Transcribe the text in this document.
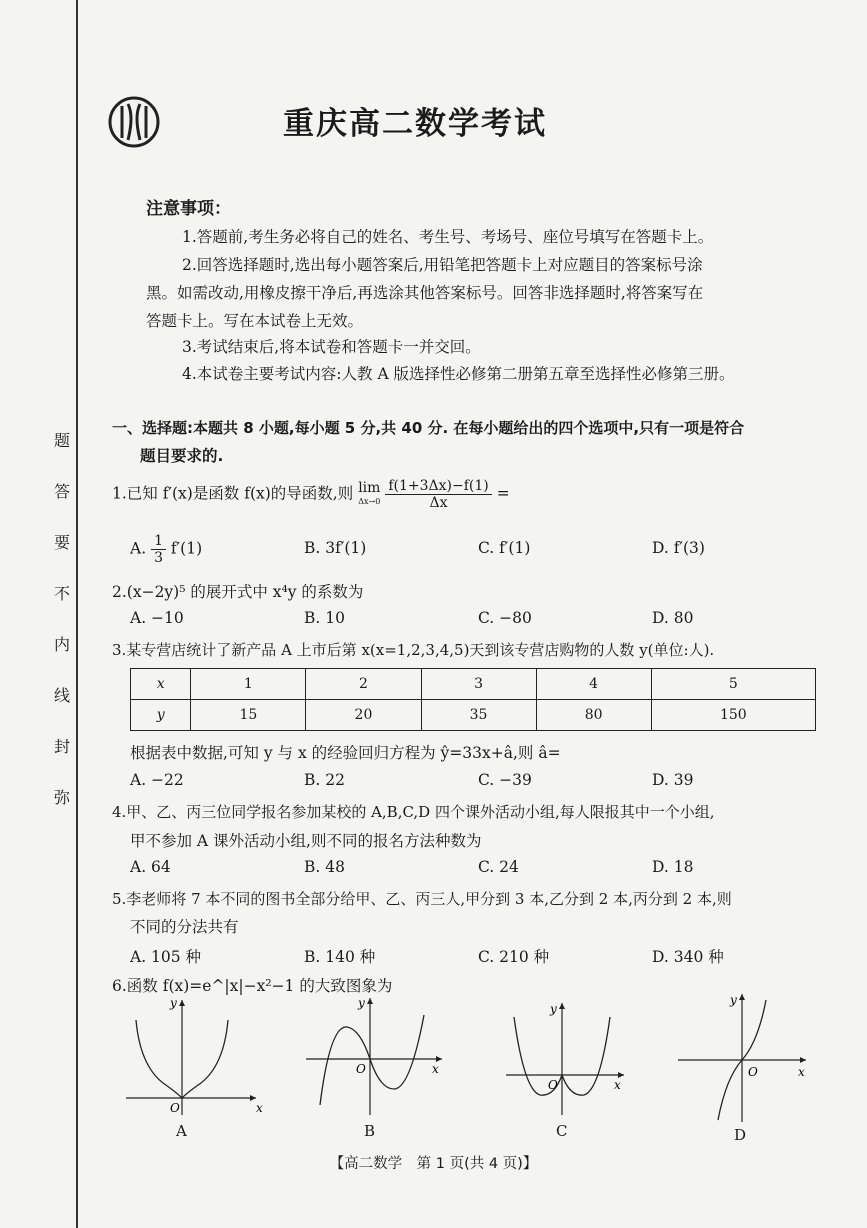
题
答
要
不
内
线
封
弥
重庆高二数学考试
注意事项：
1.答题前,考生务必将自己的姓名、考生号、考场号、座位号填写在答题卡上。
2.回答选择题时,选出每小题答案后,用铅笔把答题卡上对应题目的答案标号涂
黑。如需改动,用橡皮擦干净后,再选涂其他答案标号。回答非选择题时,将答案写在
答题卡上。写在本试卷上无效。
3.考试结束后,将本试卷和答题卡一并交回。
4.本试卷主要考试内容:人教 A 版选择性必修第二册第五章至选择性必修第三册。
一、选择题:本题共 8 小题,每小题 5 分,共 40 分. 在每小题给出的四个选项中,只有一项是符合
题目要求的.
1.已知 f′(x)是函数 f(x)的导函数,则 lim
Δx→0
$\frac{f(1+3\Delta x)-f(1)}{\Delta x}$ =
A. $\frac{1}{3} f'(1)$	B. 3f′(1)	C. f′(1)	D. f′(3)
2.(x−2y)⁵ 的展开式中 x⁴y 的系数为
A. −10	B. 10	C. −80	D. 80
3.某专营店统计了新产品 A 上市后第 x(x=1,2,3,4,5)天到该专营店购物的人数 y(单位:人).
x	1	2	3	4	5
y	15	20	35	80	150
根据表中数据,可知 y 与 x 的经验回归方程为 ŷ=33x+â,则 â=
A. −22	B. 22	C. −39	D. 39
4.甲、乙、丙三位同学报名参加某校的 A,B,C,D 四个课外活动小组,每人限报其中一个小组,
甲不参加 A 课外活动小组,则不同的报名方法种数为
A. 64	B. 48	C. 24	D. 18
5.李老师将 7 本不同的图书全部分给甲、乙、丙三人,甲分到 3 本,乙分到 2 本,丙分到 2 本,则
不同的分法共有
A. 105 种	B. 140 种	C. 210 种	D. 340 种
6.函数 f(x)=e^|x|−x²−1 的大致图象为
x
y
O
A
x
y
O
B
x
y
O
C
x
y
O
D
【高二数学　第 1 页(共 4 页)】
